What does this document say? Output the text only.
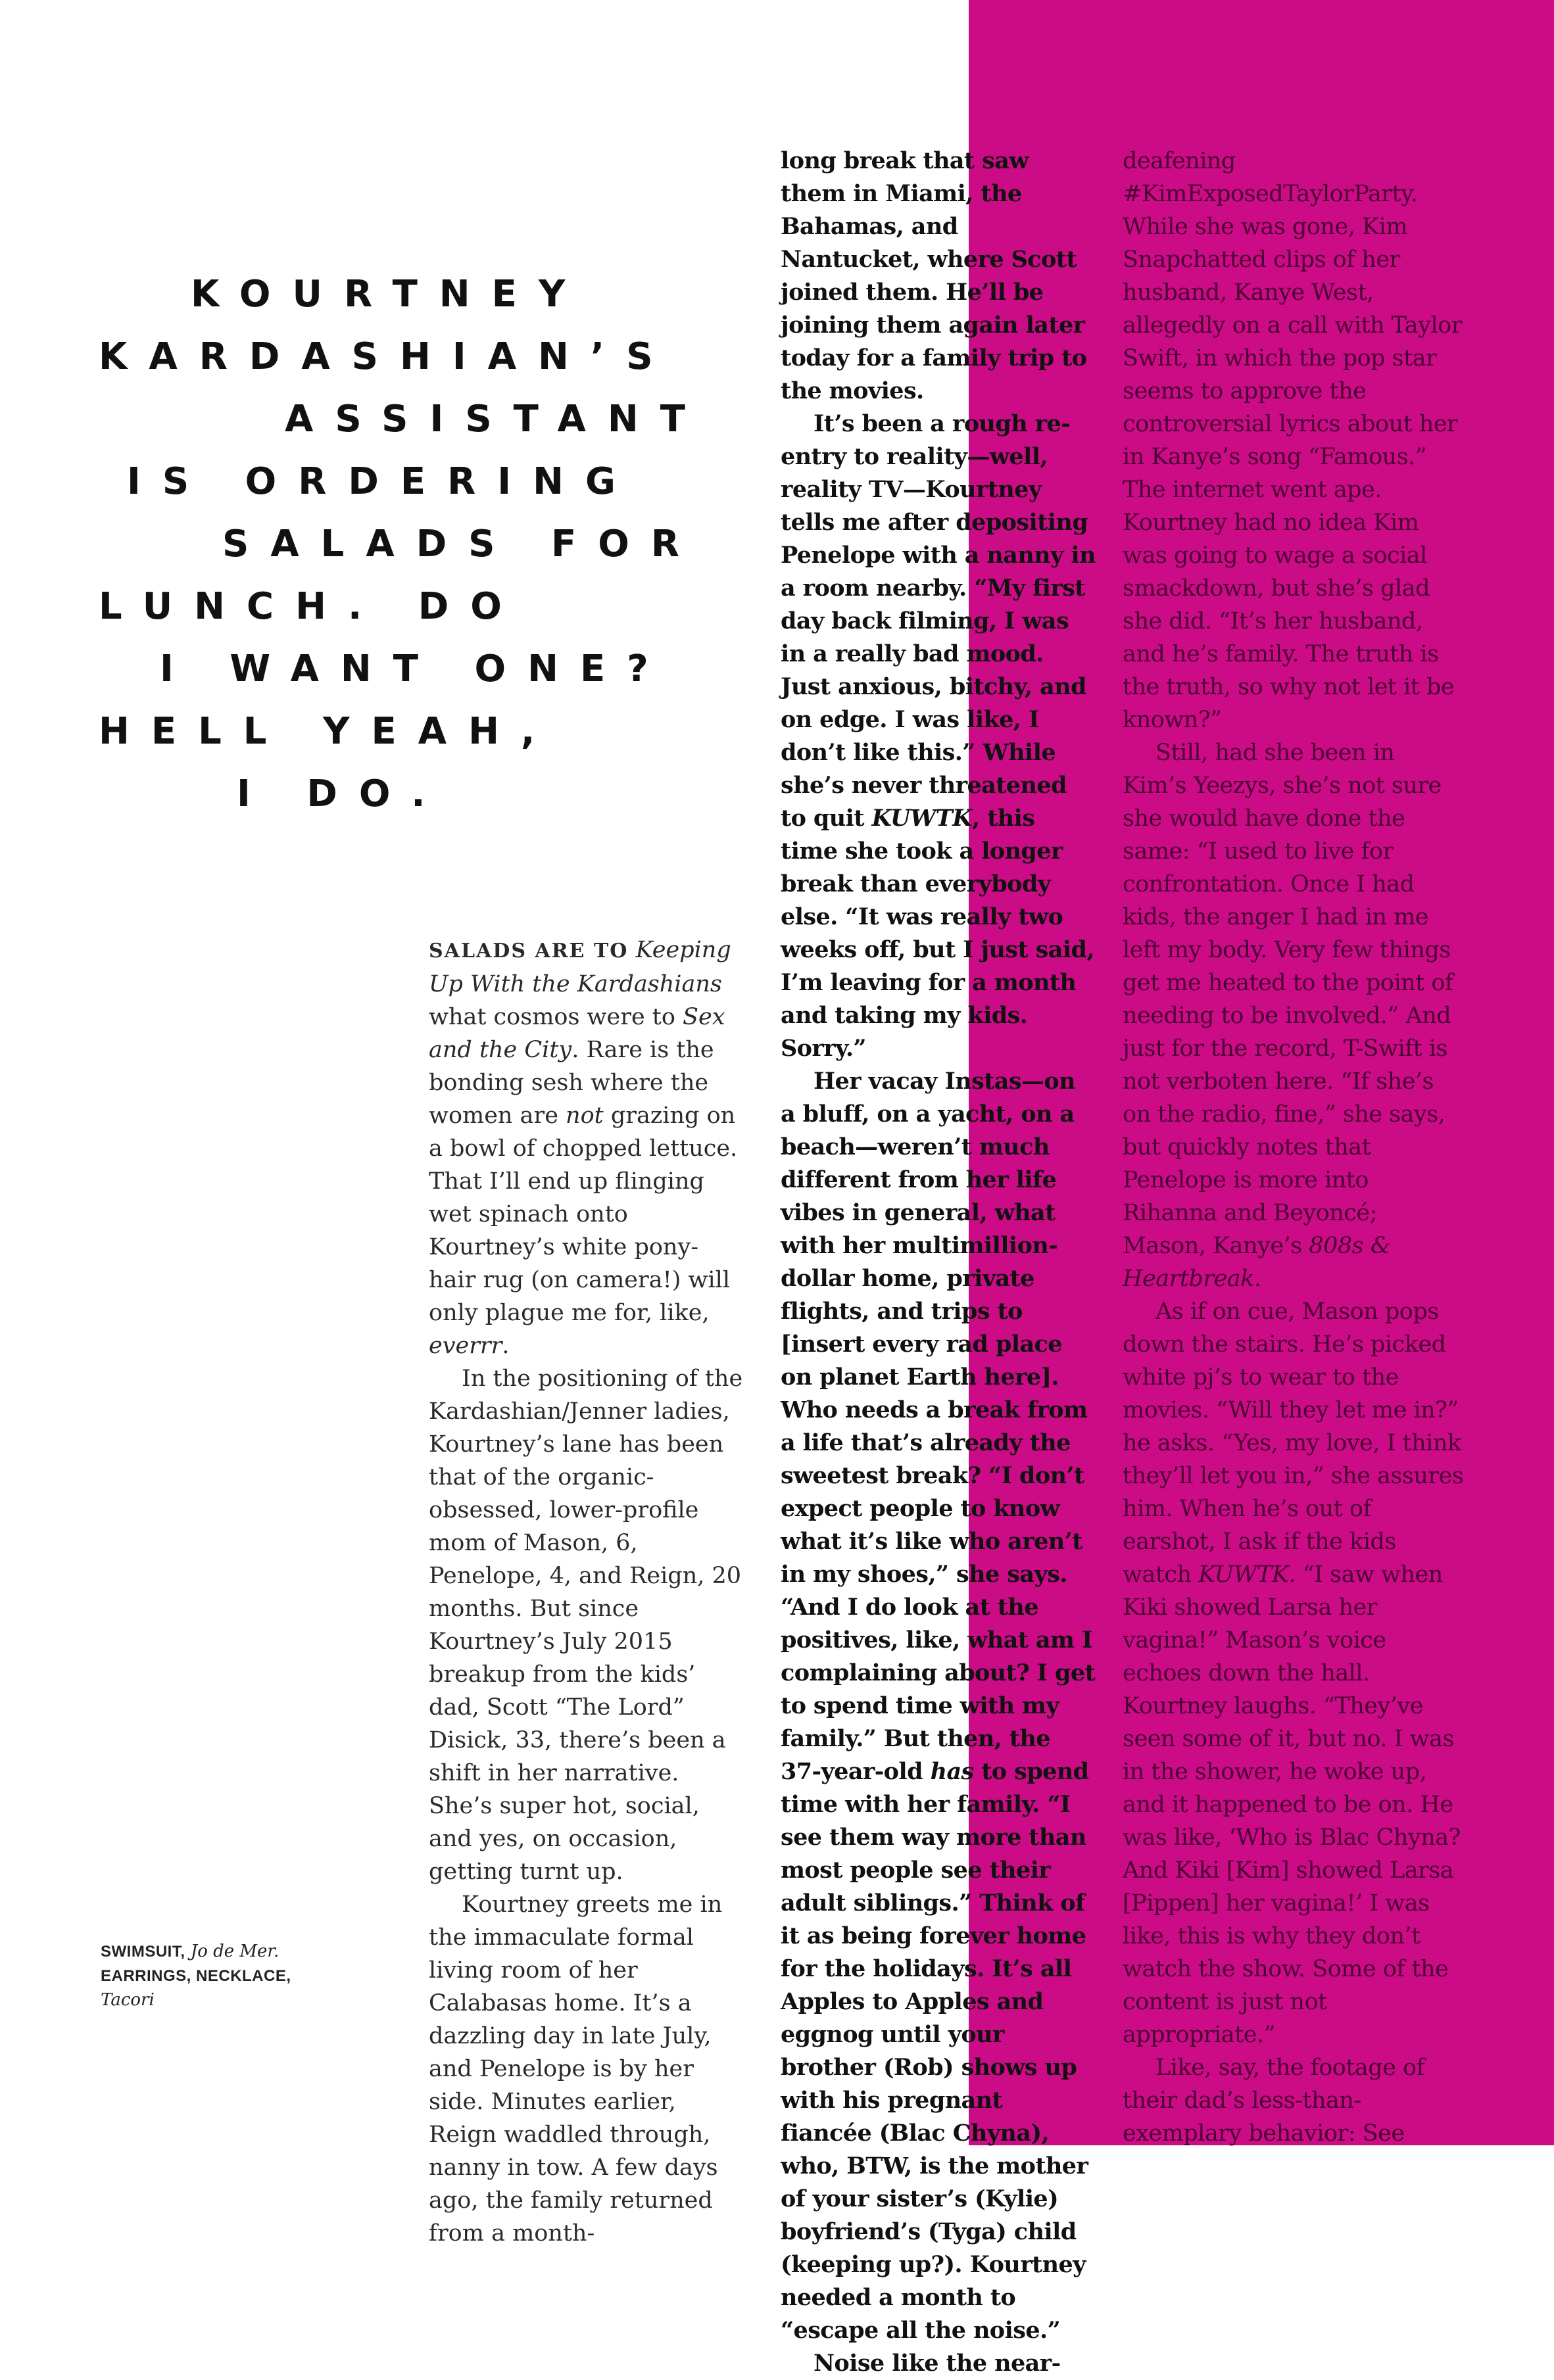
KOURTNEY
KARDASHIAN’S
ASSISTANT
IS ORDERING
SALADS FOR
LUNCH. DO
I WANT ONE?
HELL YEAH,
I DO.

SALADS ARE TO Keeping Up With the Kardashians what cosmos were to Sex and the City. Rare is the bonding sesh where the women are not grazing on a bowl of chopped lettuce. That I’ll end up flinging wet spinach onto Kourtney’s white pony-hair rug (on camera!) will only plague me for, like, everrr.

In the positioning of the Kardashian/Jenner ladies, Kourtney’s lane has been that of the organic-obsessed, lower-profile mom of Mason, 6, Penelope, 4, and Reign, 20 months. But since Kourtney’s July 2015 breakup from the kids’ dad, Scott “The Lord” Disick, 33, there’s been a shift in her narrative. She’s super hot, social, and yes, on occasion, getting turnt up.

Kourtney greets me in the immaculate formal living room of her Calabasas home. It’s a dazzling day in late July, and Penelope is by her side. Minutes earlier, Reign waddled through, nanny in tow. A few days ago, the family returned from a month-

long break that saw them in Miami, the Bahamas, and Nantucket, where Scott joined them. He’ll be joining them again later today for a family trip to the movies.

It’s been a rough re-entry to reality—well, reality TV—Kourtney tells me after depositing Penelope with a nanny in a room nearby. “My first day back filming, I was in a really bad mood. Just anxious, bitchy, and on edge. I was like, I don’t like this.” While she’s never threatened to quit KUWTK, this time she took a longer break than everybody else. “It was really two weeks off, but I just said, I’m leaving for a month and taking my kids. Sorry.”

Her vacay Instas—on a bluff, on a yacht, on a beach—weren’t much different from her life vibes in general, what with her multimillion-dollar home, private flights, and trips to [insert every rad place on planet Earth here]. Who needs a break from a life that’s already the sweetest break? “I don’t expect people to know what it’s like who aren’t in my shoes,” she says. “And I do look at the positives, like, what am I complaining about? I get to spend time with my family.” But then, the 37-year-old has to spend time with her family. “I see them way more than most people see their adult siblings.” Think of it as being forever home for the holidays. It’s all Apples to Apples and eggnog until your brother (Rob) shows up with his pregnant fiancée (Blac Chyna), who, BTW, is the mother of your sister’s (Kylie) boyfriend’s (Tyga) child (keeping up?). Kourtney needed a month to “escape all the noise.”

Noise like the near-

deafening #KimExposedTaylorParty. While she was gone, Kim Snapchatted clips of her husband, Kanye West, allegedly on a call with Taylor Swift, in which the pop star seems to approve the controversial lyrics about her in Kanye’s song “Famous.” The internet went ape. Kourtney had no idea Kim was going to wage a social smackdown, but she’s glad she did. “It’s her husband, and he’s family. The truth is the truth, so why not let it be known?”

Still, had she been in Kim’s Yeezys, she’s not sure she would have done the same: “I used to live for confrontation. Once I had kids, the anger I had in me left my body. Very few things get me heated to the point of needing to be involved.” And just for the record, T-Swift is not verboten here. “If she’s on the radio, fine,” she says, but quickly notes that Penelope is more into Rihanna and Beyoncé; Mason, Kanye’s 808s & Heartbreak.

As if on cue, Mason pops down the stairs. He’s picked white pj’s to wear to the movies. “Will they let me in?” he asks. “Yes, my love, I think they’ll let you in,” she assures him. When he’s out of earshot, I ask if the kids watch KUWTK. “I saw when Kiki showed Larsa her vagina!” Mason’s voice echoes down the hall. Kourtney laughs. “They’ve seen some of it, but no. I was in the shower, he woke up, and it happened to be on. He was like, ‘Who is Blac Chyna? And Kiki [Kim] showed Larsa [Pippen] her vagina!’ I was like, this is why they don’t watch the show. Some of the content is just not appropriate.”

Like, say, the footage of their dad’s less-than-exemplary behavior: See

SWIMSUIT, Jo de Mer.
EARRINGS, NECKLACE,
Tacori
